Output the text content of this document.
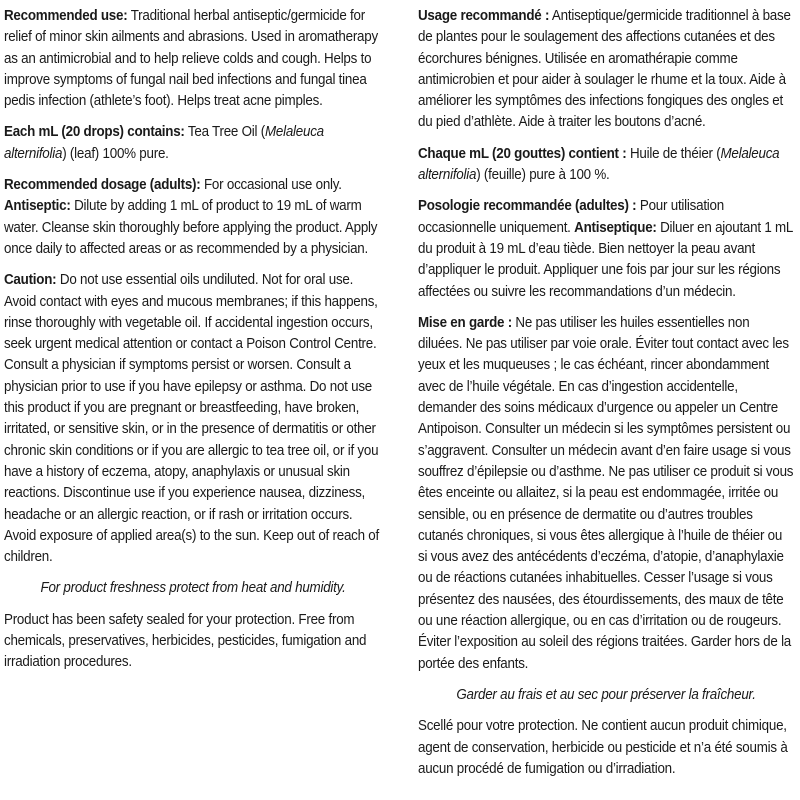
Recommended use: Traditional herbal antiseptic/germicide for relief of minor skin ailments and abrasions. Used in aromatherapy as an antimicrobial and to help relieve colds and cough. Helps to improve symptoms of fungal nail bed infections and fungal tinea pedis infection (athlete’s foot). Helps treat acne pimples.

Each mL (20 drops) contains: Tea Tree Oil (Melaleuca alternifolia) (leaf) 100% pure.

Recommended dosage (adults): For occasional use only.
Antiseptic: Dilute by adding 1 mL of product to 19 mL of warm water. Cleanse skin thoroughly before applying the product. Apply once daily to affected areas or as recommended by a physician.

Caution: Do not use essential oils undiluted. Not for oral use. Avoid contact with eyes and mucous membranes; if this happens, rinse thoroughly with vegetable oil. If accidental ingestion occurs, seek urgent medical attention or contact a Poison Control Centre. Consult a physician if symptoms persist or worsen. Consult a physician prior to use if you have epilepsy or asthma. Do not use this product if you are pregnant or breastfeeding, have broken, irritated, or sensitive skin, or in the presence of dermatitis or other chronic skin conditions or if you are allergic to tea tree oil, or if you have a history of eczema, atopy, anaphylaxis or unusual skin reactions. Discontinue use if you experience nausea, dizziness, headache or an allergic reaction, or if rash or irritation occurs. Avoid exposure of applied area(s) to the sun. Keep out of reach of children.

For product freshness protect from heat and humidity.

Product has been safety sealed for your protection. Free from chemicals, preservatives, herbicides, pesticides, fumigation and irradiation procedures.

Usage recommandé : Antiseptique/germicide traditionnel à base de plantes pour le soulagement des affections cutanées et des écorchures bénignes. Utilisée en aromathérapie comme antimicrobien et pour aider à soulager le rhume et la toux. Aide à améliorer les symptômes des infections fongiques des ongles et du pied d’athlète. Aide à traiter les boutons d’acné.

Chaque mL (20 gouttes) contient : Huile de théier (Melaleuca alternifolia) (feuille) pure à 100 %.

Posologie recommandée (adultes) : Pour utilisation occasionnelle uniquement. Antiseptique: Diluer en ajoutant 1 mL du produit à 19 mL d’eau tiède. Bien nettoyer la peau avant d’appliquer le produit. Appliquer une fois par jour sur les régions affectées ou suivre les recommandations d’un médecin.

Mise en garde : Ne pas utiliser les huiles essentielles non diluées. Ne pas utiliser par voie orale. Éviter tout contact avec les yeux et les muqueuses ; le cas échéant, rincer abondamment avec de l’huile végétale. En cas d’ingestion accidentelle, demander des soins médicaux d’urgence ou appeler un Centre Antipoison. Consulter un médecin si les symptômes persistent ou s’aggravent. Consulter un médecin avant d’en faire usage si vous souffrez d’épilepsie ou d’asthme. Ne pas utiliser ce produit si vous êtes enceinte ou allaitez, si la peau est endommagée, irritée ou sensible, ou en présence de dermatite ou d’autres troubles cutanés chroniques, si vous êtes allergique à l’huile de théier ou si vous avez des antécédents d’eczéma, d’atopie, d’anaphylaxie ou de réactions cutanées inhabituelles. Cesser l’usage si vous présentez des nausées, des étourdissements, des maux de tête ou une réaction allergique, ou en cas d’irritation ou de rougeurs. Éviter l’exposition au soleil des régions traitées. Garder hors de la portée des enfants.

Garder au frais et au sec pour préserver la fraîcheur.

Scellé pour votre protection. Ne contient aucun produit chimique, agent de conservation, herbicide ou pesticide et n’a été soumis à aucun procédé de fumigation ou d’irradiation.
